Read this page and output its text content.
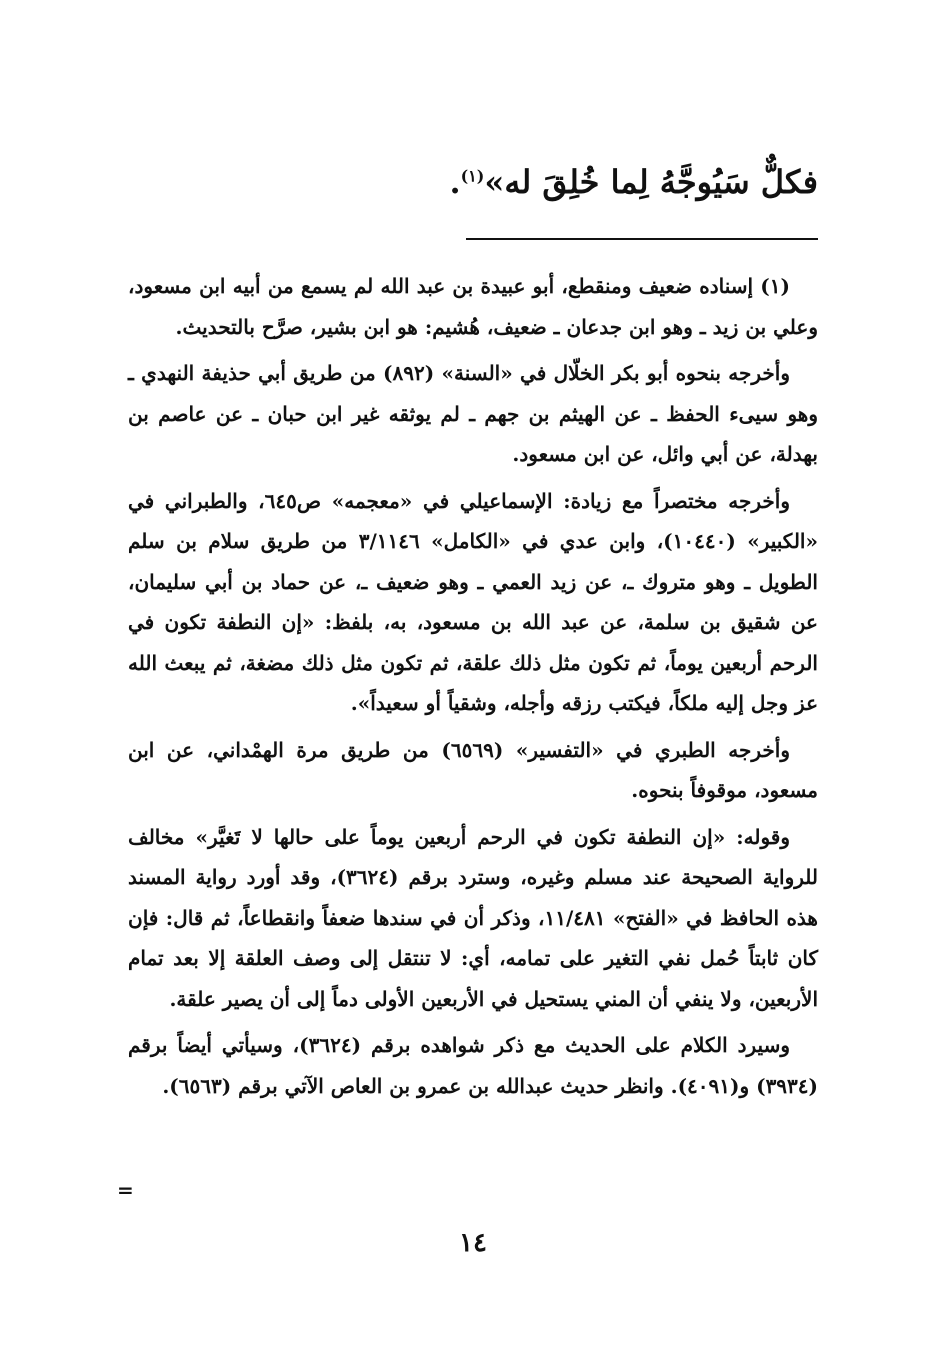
فكلٌّ سَيُوجَّهُ لِما خُلِقَ له»$^{(١)}$.

(١) إسناده ضعيف ومنقطع، أبو عبيدة بن عبد الله لم يسمع من أبيه ابن مسعود، وعلي بن زيد ـ وهو ابن جدعان ـ ضعيف، هُشيم: هو ابن بشير، صرَّح بالتحديث.

وأخرجه بنحوه أبو بكر الخلّال في «السنة» (٨٩٢) من طريق أبي حذيفة النهدي ـ وهو سيىء الحفظ ـ عن الهيثم بن جهم ـ لم يوثقه غير ابن حبان ـ عن عاصم بن بهدلة، عن أبي وائل، عن ابن مسعود.

وأخرجه مختصراً مع زيادة: الإسماعيلي في «معجمه» ص٦٤٥، والطبراني في «الكبير» (١٠٤٤٠)، وابن عدي في «الكامل» ٣/١١٤٦ من طريق سلام بن سلم الطويل ـ وهو متروك ـ، عن زيد العمي ـ وهو ضعيف ـ، عن حماد بن أبي سليمان، عن شقيق بن سلمة، عن عبد الله بن مسعود، به، بلفظ: «إن النطفة تكون في الرحم أربعين يوماً، ثم تكون مثل ذلك علقة، ثم تكون مثل ذلك مضغة، ثم يبعث الله عز وجل إليه ملكاً، فيكتب رزقه وأجله، وشقياً أو سعيداً».

وأخرجه الطبري في «التفسير» (٦٥٦٩) من طريق مرة الهمْداني، عن ابن مسعود، موقوفاً بنحوه.

وقوله: «إن النطفة تكون في الرحم أربعين يوماً على حالها لا تَغيَّر» مخالف للرواية الصحيحة عند مسلم وغيره، وسترد برقم (٣٦٢٤)، وقد أورد رواية المسند هذه الحافظ في «الفتح» ١١/٤٨١، وذكر أن في سندها ضعفاً وانقطاعاً، ثم قال: فإن كان ثابتاً حُمل نفي التغير على تمامه، أي: لا تنتقل إلى وصف العلقة إلا بعد تمام الأربعين، ولا ينفي أن المني يستحيل في الأربعين الأولى دماً إلى أن يصير علقة.

وسيرد الكلام على الحديث مع ذكر شواهده برقم (٣٦٢٤)، وسيأتي أيضاً برقم (٣٩٣٤) و(٤٠٩١). وانظر حديث عبدالله بن عمرو بن العاص الآتي برقم (٦٥٦٣).

=
١٤
